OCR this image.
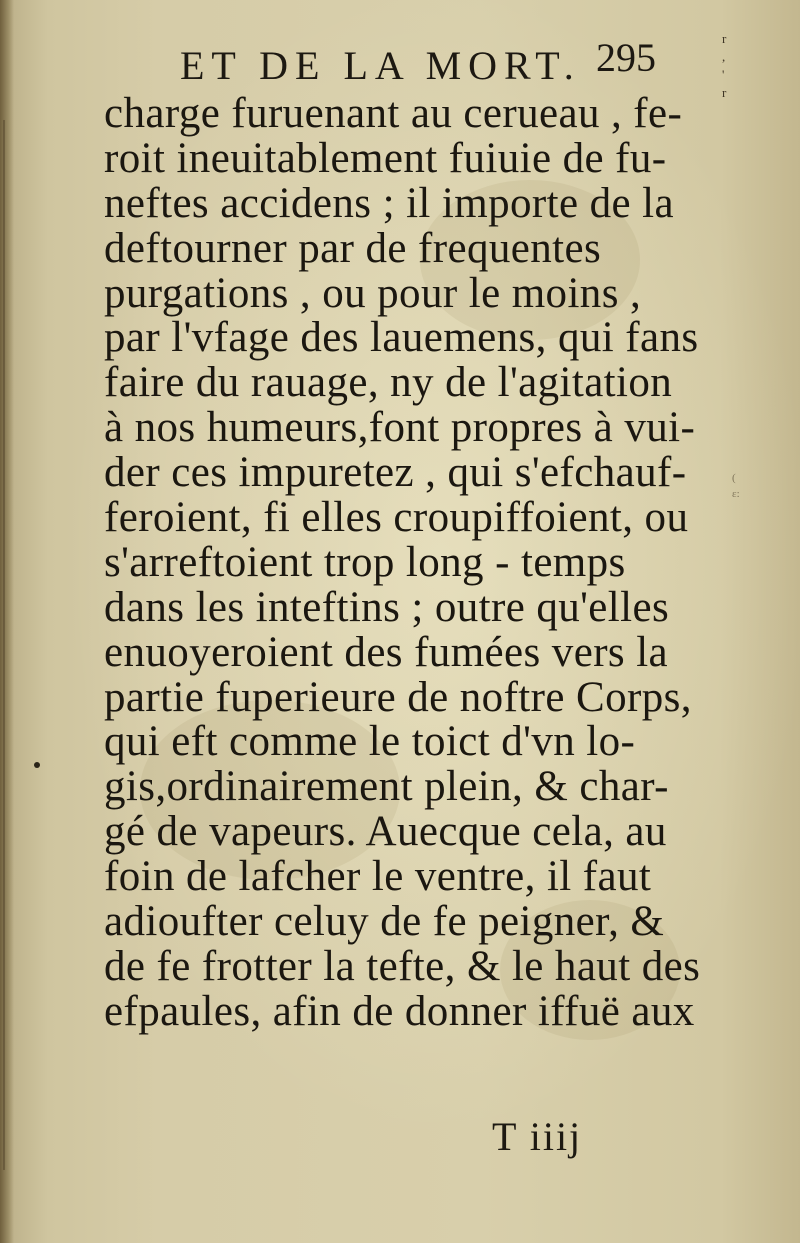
ET DE LA MORT. 295	r
,
'
r
(
ɛ:
charge furuenant au cerueau , fe-
roit ineuitablement fuiuie de fu-
neftes accidens ; il importe de la
deftourner par de frequentes
purgations , ou pour le moins ,
par l'vfage des lauemens, qui fans
faire du rauage, ny de l'agitation
à nos humeurs,font propres à vui-
der ces impuretez , qui s'efchauf-
feroient, fi elles croupiffoient, ou
s'arreftoient trop long - temps
dans les inteftins ; outre qu'elles
enuoyeroient des fumées vers la
partie fuperieure de noftre Corps,
qui eft comme le toict d'vn lo-
gis,ordinairement plein, & char-
gé de vapeurs. Auecque cela, au
foin de lafcher le ventre, il faut
adioufter celuy de fe peigner, &
de fe frotter la tefte, & le haut des
efpaules, afin de donner iffuë aux
T iiij
